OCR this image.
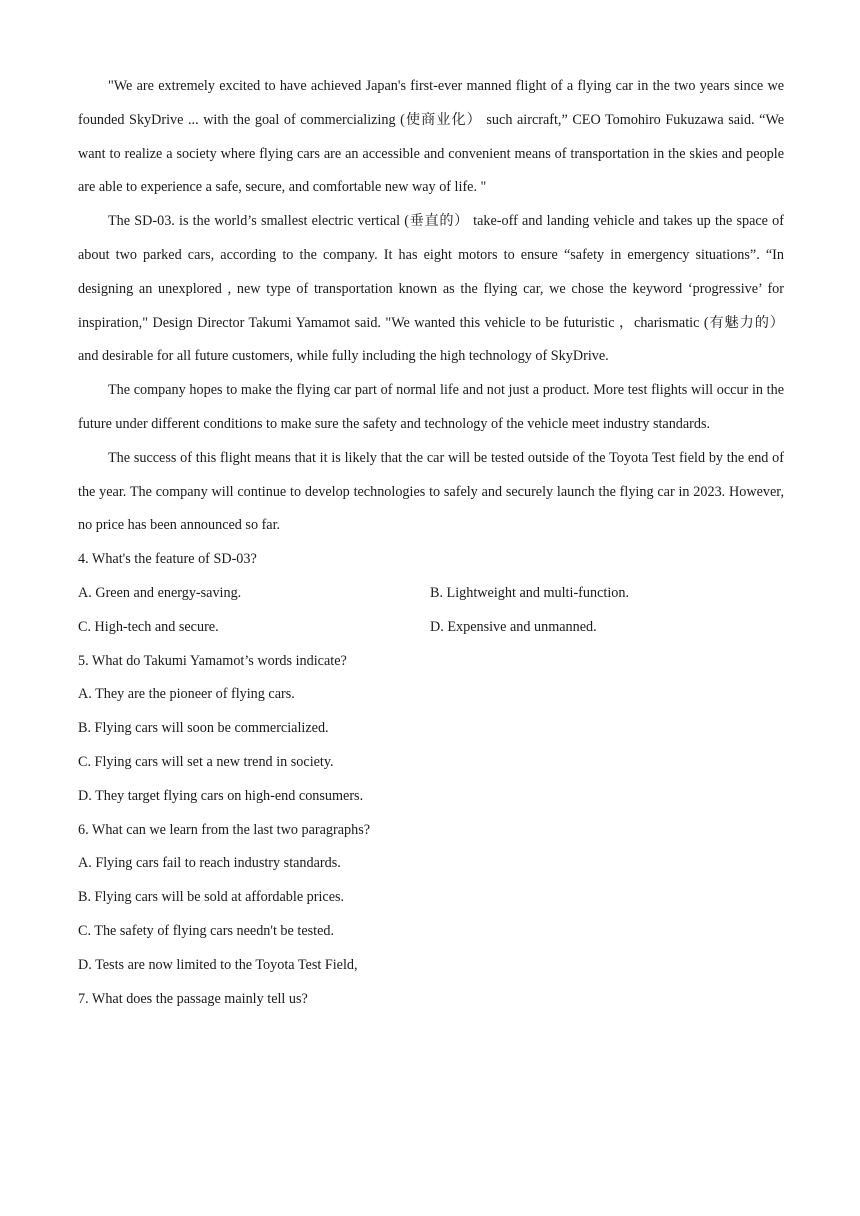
"We are extremely excited to have achieved Japan's first-ever manned flight of a flying car in the two years since we founded SkyDrive ... with the goal of commercializing (使商业化） such aircraft,” CEO Tomohiro Fukuzawa said. “We want to realize a society where flying cars are an accessible and convenient means of transportation in the skies and people are able to experience a safe, secure, and comfortable new way of life. "

The SD-03. is the world’s smallest electric vertical (垂直的） take-off and landing vehicle and takes up the space of about two parked cars, according to the company. It has eight motors to ensure “safety in emergency situations”. “In designing an unexplored , new type of transportation known as the flying car, we chose the keyword ‘progressive’ for inspiration," Design Director Takumi Yamamot said. "We wanted this vehicle to be futuristic ，charismatic (有魅力的）and desirable for all future customers, while fully including the high technology of SkyDrive.

The company hopes to make the flying car part of normal life and not just a product. More test flights will occur in the future under different conditions to make sure the safety and technology of the vehicle meet industry standards.

The success of this flight means that it is likely that the car will be tested outside of the Toyota Test field by the end of the year. The company will continue to develop technologies to safely and securely launch the flying car in 2023. However, no price has been announced so far.

4. What's the feature of SD-03?

A. Green and energy-saving.	B. Lightweight and multi-function.
C. High-tech and secure.	D. Expensive and unmanned.

5. What do Takumi Yamamot’s words indicate?

A. They are the pioneer of flying cars.

B. Flying cars will soon be commercialized.

C. Flying cars will set a new trend in society.

D. They target flying cars on high-end consumers.

6. What can we learn from the last two paragraphs?

A. Flying cars fail to reach industry standards.

B. Flying cars will be sold at affordable prices.

C. The safety of flying cars needn't be tested.

D. Tests are now limited to the Toyota Test Field,

7. What does the passage mainly tell us?
